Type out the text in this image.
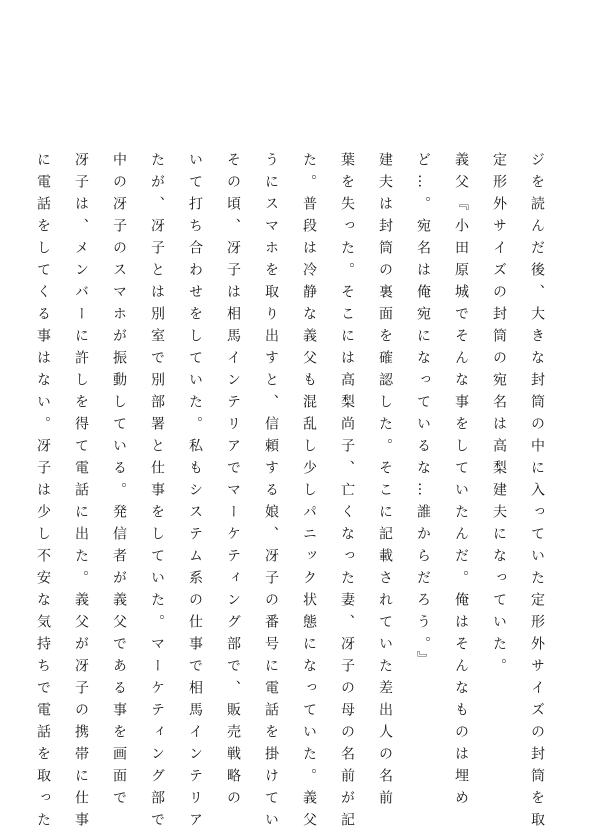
ジを読んだ後、大きな封筒の中に入っていた定形外サイズの封筒を取
定形外サイズの封筒の宛名は高梨建夫になっていた。
義父『小田原城でそんな事をしていたんだ。俺はそんなものは埋め
ど…。宛名は俺宛になっているな…誰からだろう。』
建夫は封筒の裏面を確認した。そこに記載されていた差出人の名前
葉を失った。そこには高梨尚子、亡くなった妻、冴子の母の名前が記
た。普段は冷静な義父も混乱し少しパニック状態になっていた。義父
うにスマホを取り出すと、信頼する娘、冴子の番号に電話を掛けてい
その頃、冴子は相馬インテリアでマーケティング部で、販売戦略の
いて打ち合わせをしていた。私もシステム系の仕事で相馬インテリア
たが、冴子とは別室で別部署と仕事をしていた。マーケティング部で
中の冴子のスマホが振動している。発信者が義父である事を画面で
冴子は、メンバーに許しを得て電話に出た。義父が冴子の携帯に仕事
に電話をしてくる事はない。冴子は少し不安な気持ちで電話を取った
